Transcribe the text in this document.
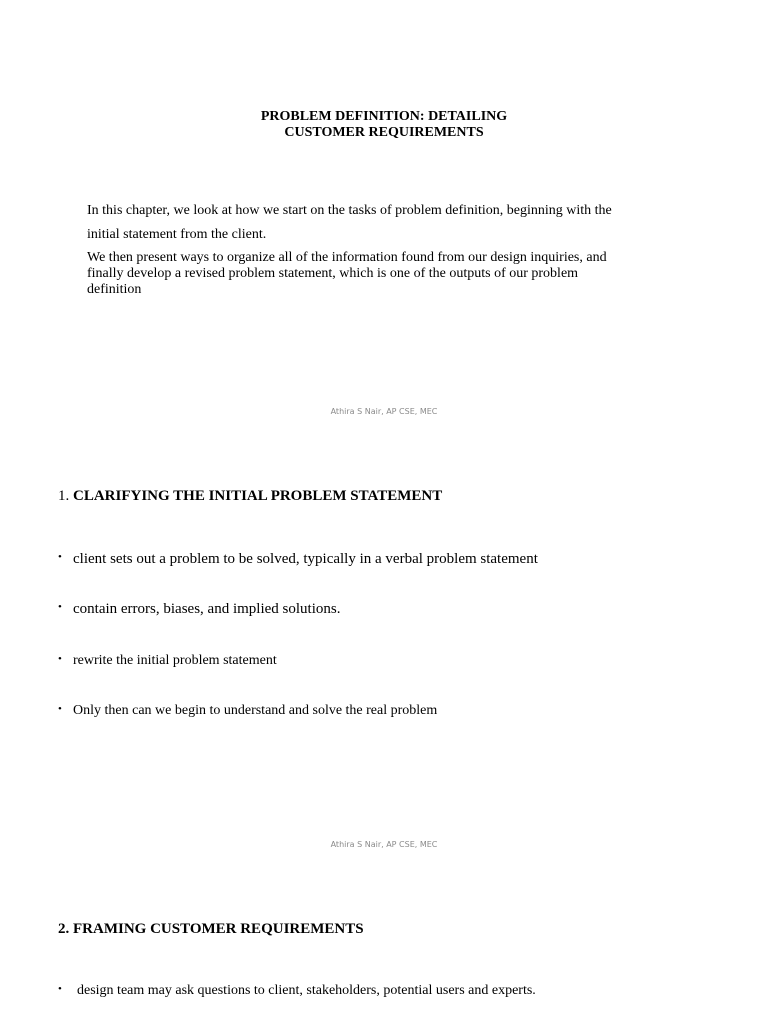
PROBLEM DEFINITION: DETAILING
CUSTOMER REQUIREMENTS
In this chapter, we look at how we start on the tasks of problem definition, beginning with the
initial statement from the client.
We then present ways to organize all of the information found from our design inquiries, and
finally develop a revised problem statement, which is one of the outputs of our problem
definition
Athira S Nair, AP CSE, MEC
1. CLARIFYING THE INITIAL PROBLEM STATEMENT
• client sets out a problem to be solved, typically in a verbal problem statement
• contain errors, biases, and implied solutions.
• rewrite the initial problem statement
• Only then can we begin to understand and solve the real problem
Athira S Nair, AP CSE, MEC
2. FRAMING CUSTOMER REQUIREMENTS
• design team may ask questions to client, stakeholders, potential users and experts.
